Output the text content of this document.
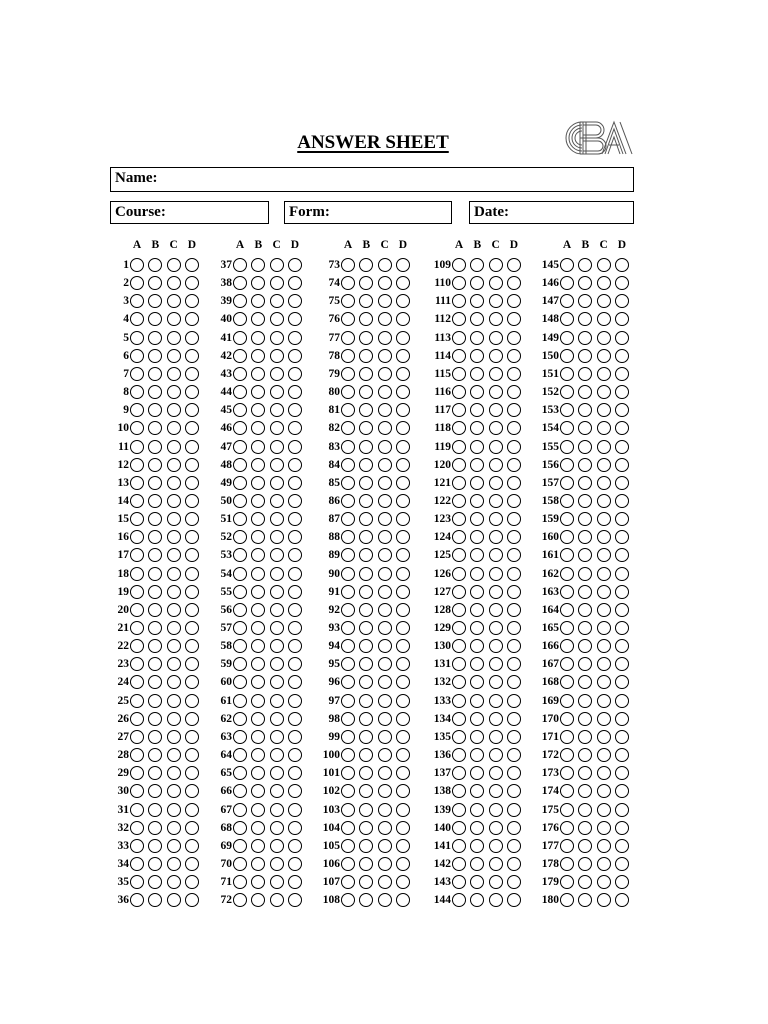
ANSWER SHEET
Name:
Course:	Form:	Date:
A B C D
1
2
3
4
5
6
7
8
9
10
11
12
13
14
15
16
17
18
19
20
21
22
23
24
25
26
27
28
29
30
31
32
33
34
35
36
A B C D
37
38
39
40
41
42
43
44
45
46
47
48
49
50
51
52
53
54
55
56
57
58
59
60
61
62
63
64
65
66
67
68
69
70
71
72
A B C D
73
74
75
76
77
78
79
80
81
82
83
84
85
86
87
88
89
90
91
92
93
94
95
96
97
98
99
100
101
102
103
104
105
106
107
108
A B C D
109
110
111
112
113
114
115
116
117
118
119
120
121
122
123
124
125
126
127
128
129
130
131
132
133
134
135
136
137
138
139
140
141
142
143
144
A B C D
145
146
147
148
149
150
151
152
153
154
155
156
157
158
159
160
161
162
163
164
165
166
167
168
169
170
171
172
173
174
175
176
177
178
179
180
